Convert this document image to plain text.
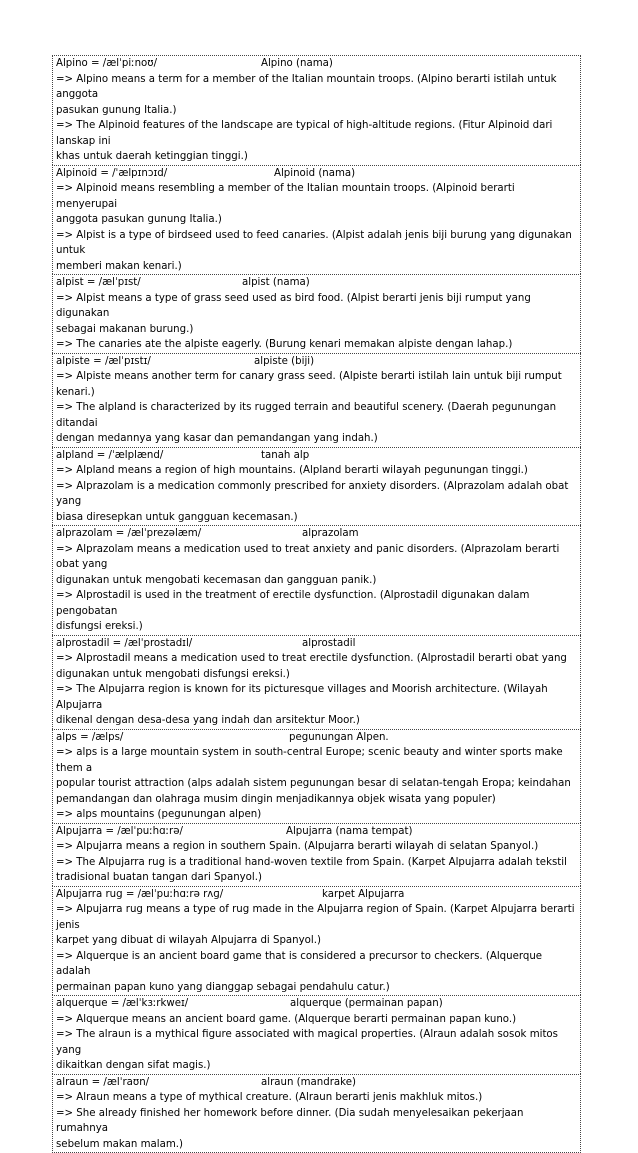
Alpino = /ælˈpiːnoʊ/	Alpino (nama)

=> Alpino means a term for a member of the Italian mountain troops. (Alpino berarti istilah untuk anggota

pasukan gunung Italia.)

=> The Alpinoid features of the landscape are typical of high-altitude regions. (Fitur Alpinoid dari lanskap ini

khas untuk daerah ketinggian tinggi.)

Alpinoid = /ˈælpɪnɔɪd/	Alpinoid (nama)

=> Alpinoid means resembling a member of the Italian mountain troops. (Alpinoid berarti menyerupai

anggota pasukan gunung Italia.)

=> Alpist is a type of birdseed used to feed canaries. (Alpist adalah jenis biji burung yang digunakan untuk

memberi makan kenari.)

alpist = /ælˈpɪst/	alpist (nama)

=> Alpist means a type of grass seed used as bird food. (Alpist berarti jenis biji rumput yang digunakan

sebagai makanan burung.)

=> The canaries ate the alpiste eagerly. (Burung kenari memakan alpiste dengan lahap.)

alpiste = /ælˈpɪstɪ/	alpiste (biji)

=> Alpiste means another term for canary grass seed. (Alpiste berarti istilah lain untuk biji rumput kenari.)

=> The alpland is characterized by its rugged terrain and beautiful scenery. (Daerah pegunungan ditandai

dengan medannya yang kasar dan pemandangan yang indah.)

alpland = /ˈælplænd/	tanah alp

=> Alpland means a region of high mountains. (Alpland berarti wilayah pegunungan tinggi.)

=> Alprazolam is a medication commonly prescribed for anxiety disorders. (Alprazolam adalah obat yang

biasa diresepkan untuk gangguan kecemasan.)

alprazolam = /ælˈprezəlæm/	alprazolam

=> Alprazolam means a medication used to treat anxiety and panic disorders. (Alprazolam berarti obat yang

digunakan untuk mengobati kecemasan dan gangguan panik.)

=> Alprostadil is used in the treatment of erectile dysfunction. (Alprostadil digunakan dalam pengobatan

disfungsi ereksi.)

alprostadil = /ælˈprostadɪl/	alprostadil

=> Alprostadil means a medication used to treat erectile dysfunction. (Alprostadil berarti obat yang

digunakan untuk mengobati disfungsi ereksi.)

=> The Alpujarra region is known for its picturesque villages and Moorish architecture. (Wilayah Alpujarra

dikenal dengan desa-desa yang indah dan arsitektur Moor.)

alps = /ælps/	pegunungan Alpen.

=> alps is a large mountain system in south-central Europe; scenic beauty and winter sports make them a

popular tourist attraction (alps adalah sistem pegunungan besar di selatan-tengah Eropa; keindahan

pemandangan dan olahraga musim dingin menjadikannya objek wisata yang populer)

=> alps mountains (pegunungan alpen)

Alpujarra = /ælˈpuːhɑːrə/	Alpujarra (nama tempat)

=> Alpujarra means a region in southern Spain. (Alpujarra berarti wilayah di selatan Spanyol.)

=> The Alpujarra rug is a traditional hand-woven textile from Spain. (Karpet Alpujarra adalah tekstil

tradisional buatan tangan dari Spanyol.)

Alpujarra rug = /ælˈpuːhɑːrə rʌɡ/	karpet Alpujarra

=> Alpujarra rug means a type of rug made in the Alpujarra region of Spain. (Karpet Alpujarra berarti jenis

karpet yang dibuat di wilayah Alpujarra di Spanyol.)

=> Alquerque is an ancient board game that is considered a precursor to checkers. (Alquerque adalah

permainan papan kuno yang dianggap sebagai pendahulu catur.)

alquerque = /ælˈkɜːrkweɪ/	alquerque (permainan papan)

=> Alquerque means an ancient board game. (Alquerque berarti permainan papan kuno.)

=> The alraun is a mythical figure associated with magical properties. (Alraun adalah sosok mitos yang

dikaitkan dengan sifat magis.)

alraun = /ælˈraʊn/	alraun (mandrake)

=> Alraun means a type of mythical creature. (Alraun berarti jenis makhluk mitos.)

=> She already finished her homework before dinner. (Dia sudah menyelesaikan pekerjaan rumahnya

sebelum makan malam.)
